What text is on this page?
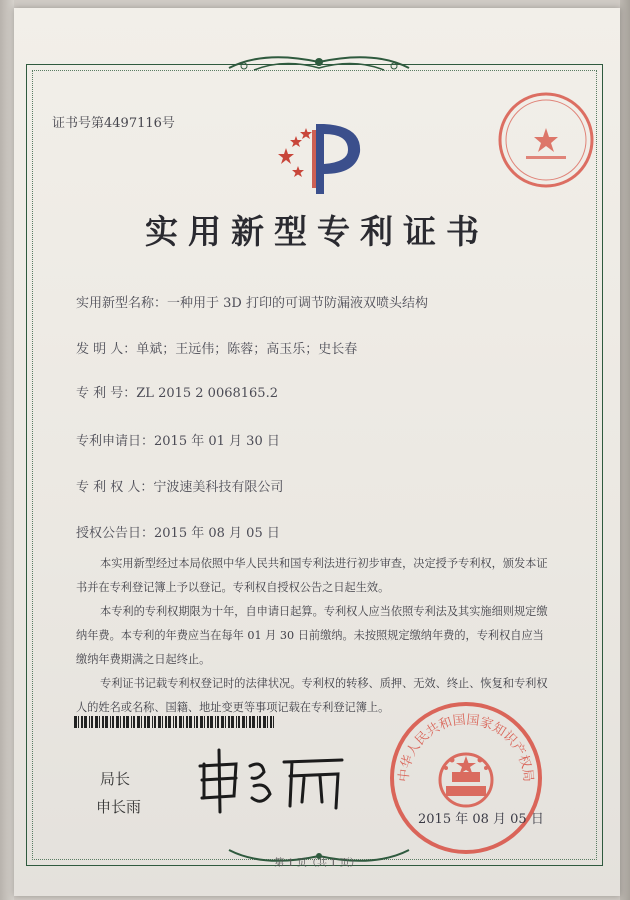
证书号第4497116号
实用新型专利证书
实用新型名称：一种用于 3D 打印的可调节防漏液双喷头结构
发 明 人：单斌；王远伟；陈蓉；高玉乐；史长春
专 利 号：ZL 2015 2 0068165.2
专利申请日：2015 年 01 月 30 日
专 利 权 人：宁波速美科技有限公司
授权公告日：2015 年 08 月 05 日

本实用新型经过本局依照中华人民共和国专利法进行初步审查，决定授予专利权，颁发本证书并在专利登记簿上予以登记。专利权自授权公告之日起生效。

本专利的专利权期限为十年，自申请日起算。专利权人应当依照专利法及其实施细则规定缴纳年费。本专利的年费应当在每年 01 月 30 日前缴纳。未按照规定缴纳年费的，专利权自应当缴纳年费期满之日起终止。

专利证书记载专利权登记时的法律状况。专利权的转移、质押、无效、终止、恢复和专利权人的姓名或名称、国籍、地址变更等事项记载在专利登记簿上。

局长
申长雨
中华人民共和国国家知识产权局
2015 年 08 月 05 日
第 1 页（共 1 页）
